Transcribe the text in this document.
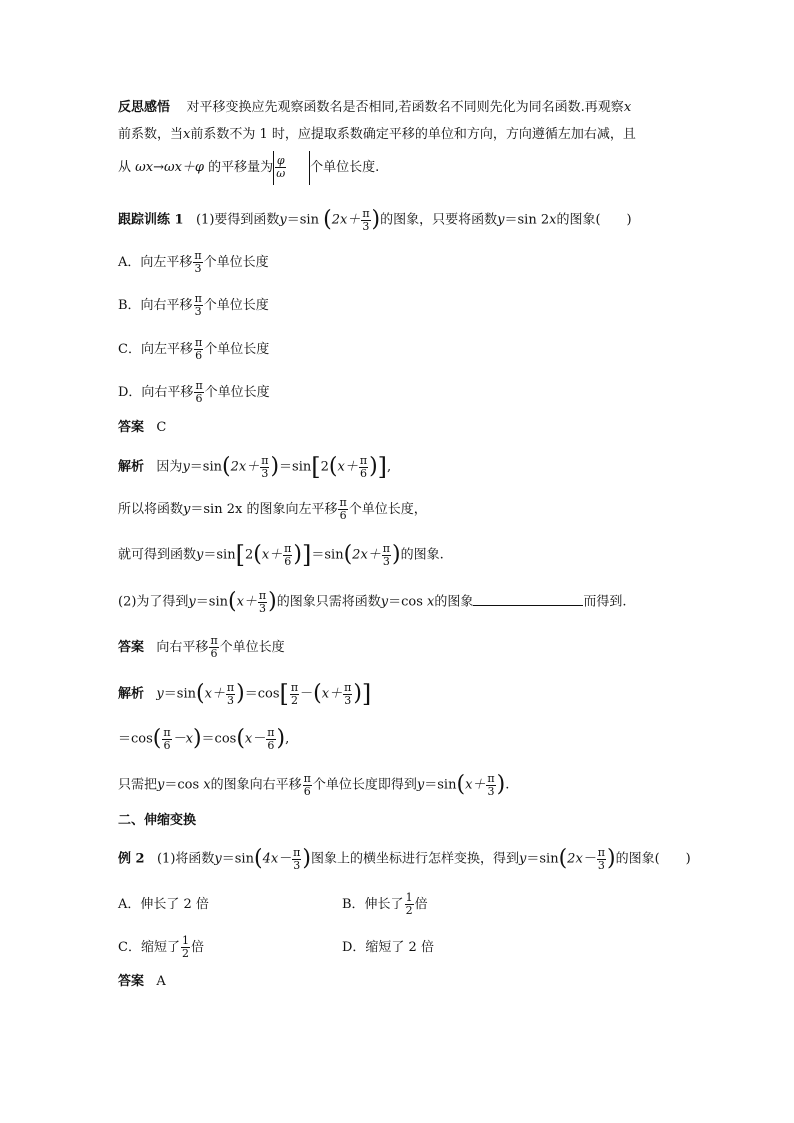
反思感悟 对平移变换应先观察函数名是否相同,若函数名不同则先化为同名函数.再观察x
前系数，当x前系数不为 1 时，应提取系数确定平移的单位和方向，方向遵循左加右减，且
从 ωx→ωx＋φ 的平移量为 $\frac{\varphi}{\omega}$ 个单位长度.
跟踪训练 1 (1)要得到函数y＝sin ($2x+ \frac{\pi}{3}$ )的图象，只要将函数y＝sin 2x的图象(　　)
A．向左平移 $\frac{\pi}{3}$ 个单位长度
B．向右平移 $\frac{\pi}{3}$ 个单位长度
C．向左平移 $\frac{\pi}{6}$ 个单位长度
D．向右平移 $\frac{\pi}{6}$ 个单位长度
答案 C
解析 因为$y=\sin(2x+ \frac{\pi}{3} )=\sin[2(x+ \frac{\pi}{6}$ )],
所以将函数y＝sin 2x 的图象向左平移 $\frac{\pi}{6}$ 个单位长度，
就可得到函数$y=\sin[2(x+ \frac{\pi}{6} )]=\sin(2x+ \frac{\pi}{3}$ )的图象.
(2)为了得到$y=\sin(x+ \frac{\pi}{3}$ )的图象只需将函数y＝cos x的图象	而得到.
答案 向右平移 $\frac{\pi}{6}$ 个单位长度
解析 $y=\sin(x+ \frac{\pi}{3} )=\cos[ \frac{\pi}{2} -(x+ \frac{\pi}{3}$ )]
$=\cos( \frac{\pi}{6} -x)=\cos(x- \frac{\pi}{6}$ ),
只需把y＝cos x的图象向右平移 $\frac{\pi}{6}$ 个单位长度即得到$y=\sin(x+ \frac{\pi}{3}$ ).
二、伸缩变换
例 2 (1)将函数$y=\sin(4x- \frac{\pi}{3}$ )图象上的横坐标进行怎样变换，得到$y=\sin(2x- \frac{\pi}{3}$ )的图象(　　)
A．伸长了 2 倍	B．伸长了 $\frac{1}{2}$ 倍
C．缩短了 $\frac{1}{2}$ 倍	D．缩短了 2 倍
答案 A
